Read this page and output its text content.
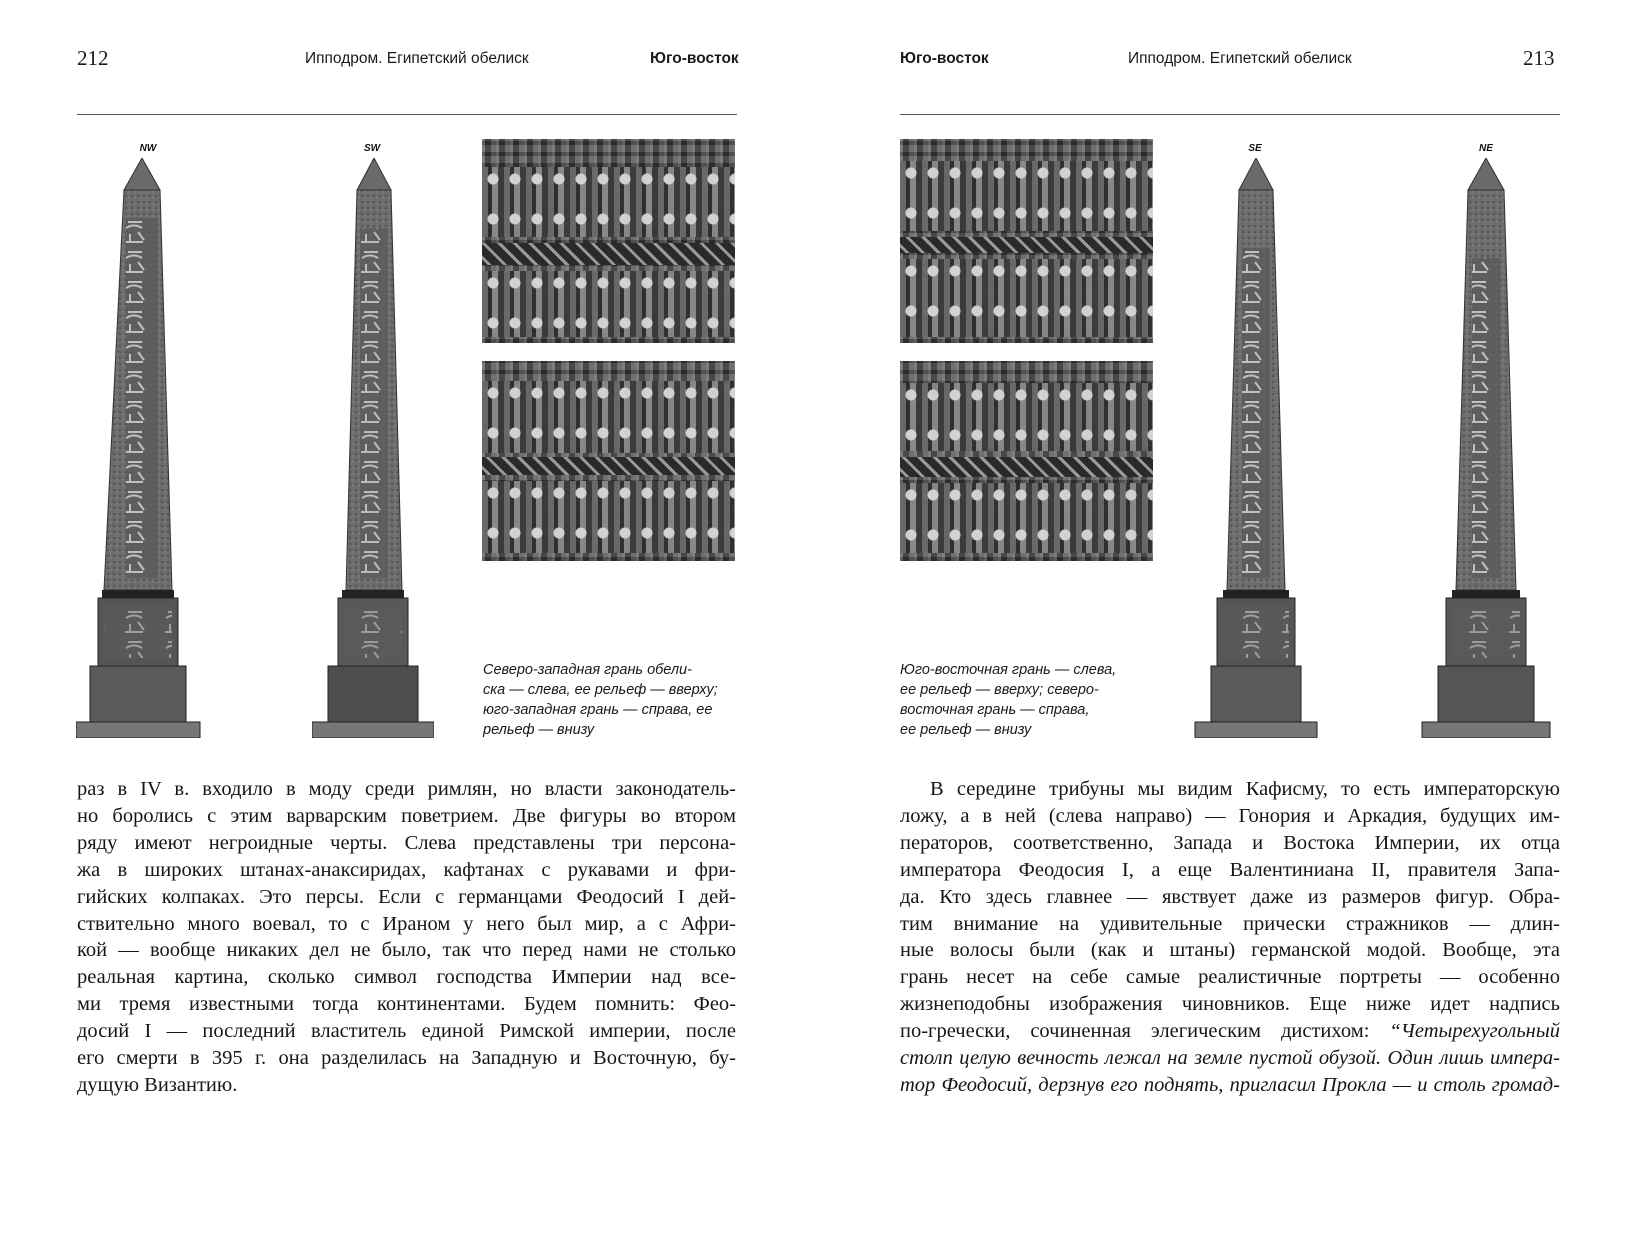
212	Ипподром. Египетский обелиск	Юго-восток
NW	SW
Северо-западная грань обели-
ска — слева, ее рельеф — вверху;
юго-западная грань — справа, ее
рельеф — внизу
раз в IV в. входило в моду среди римлян, но власти законодатель-
но боролись с этим варварским поветрием. Две фигуры во втором
ряду имеют негроидные черты. Слева представлены три персона-
жа в широких штанах-анаксиридах, кафтанах с рукавами и фри-
гийских колпаках. Это персы. Если с германцами Феодосий I дей-
ствительно много воевал, то с Ираном у него был мир, а с Афри-
кой — вообще никаких дел не было, так что перед нами не столько
реальная картина, сколько символ господства Империи над все-
ми тремя известными тогда континентами. Будем помнить: Фео-
досий I — последний властитель единой Римской империи, после
его смерти в 395 г. она разделилась на Западную и Восточную, бу-
дущую Византию.
Юго-восток	Ипподром. Египетский обелиск	213
Юго-восточная грань — слева,
ее рельеф — вверху; северо-
восточная грань — справа,
ее рельеф — внизу
SE	NE
В середине трибуны мы видим Кафисму, то есть императорскую
ложу, а в ней (слева направо) — Гонория и Аркадия, будущих им-
ператоров, соответственно, Запада и Востока Империи, их отца
императора Феодосия I, а еще Валентиниана II, правителя Запа-
да. Кто здесь главнее — явствует даже из размеров фигур. Обра-
тим внимание на удивительные прически стражников — длин-
ные волосы были (как и штаны) германской модой. Вообще, эта
грань несет на себе самые реалистичные портреты — особенно
жизнеподобны изображения чиновников. Еще ниже идет надпись
по-гречески, сочиненная элегическим дистихом: “Четырехугольный
столп целую вечность лежал на земле пустой обузой. Один лишь импера-
тор Феодосий, дерзнув его поднять, пригласил Прокла — и столь громад-
